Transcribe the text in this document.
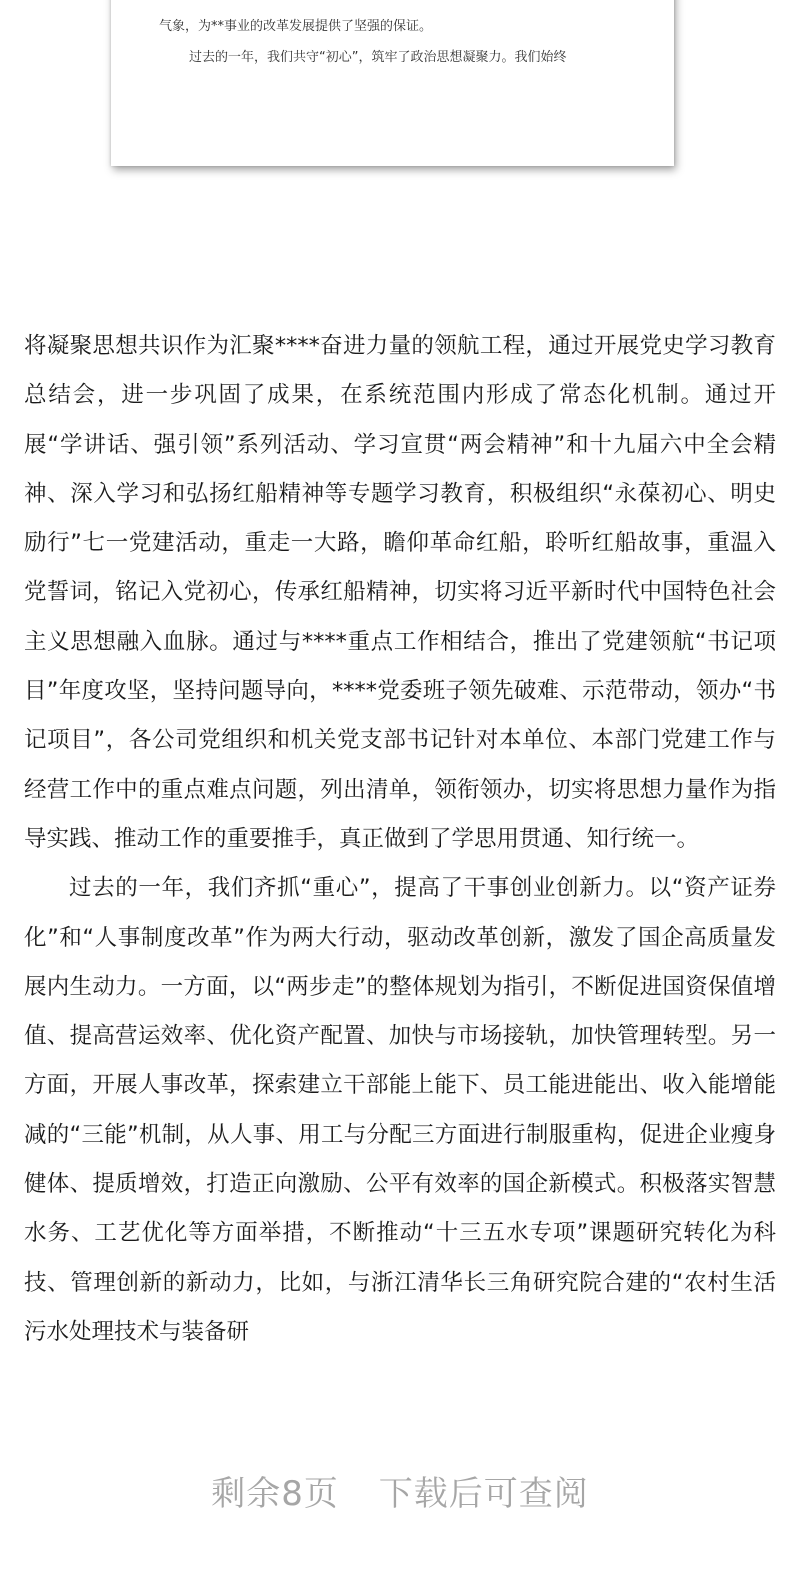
气象，为**事业的改革发展提供了坚强的保证。
过去的一年，我们共守“初心”，筑牢了政治思想凝聚力。我们始终

将凝聚思想共识作为汇聚****奋进力量的领航工程，通过开展党史学习教育总结会，进一步巩固了成果，在系统范围内形成了常态化机制。通过开展“学讲话、强引领”系列活动、学习宣贯“两会精神”和十九届六中全会精神、深入学习和弘扬红船精神等专题学习教育，积极组织“永葆初心、明史励行”七一党建活动，重走一大路，瞻仰革命红船，聆听红船故事，重温入党誓词，铭记入党初心，传承红船精神，切实将习近平新时代中国特色社会主义思想融入血脉。通过与****重点工作相结合，推出了党建领航“书记项目”年度攻坚，坚持问题导向，****党委班子领先破难、示范带动，领办“书记项目”，各公司党组织和机关党支部书记针对本单位、本部门党建工作与经营工作中的重点难点问题，列出清单，领衔领办，切实将思想力量作为指导实践、推动工作的重要推手，真正做到了学思用贯通、知行统一。

过去的一年，我们齐抓“重心”，提高了干事创业创新力。以“资产证券化”和“人事制度改革”作为两大行动，驱动改革创新，激发了国企高质量发展内生动力。一方面，以“两步走”的整体规划为指引，不断促进国资保值增值、提高营运效率、优化资产配置、加快与市场接轨，加快管理转型。另一方面，开展人事改革，探索建立干部能上能下、员工能进能出、收入能增能减的“三能”机制，从人事、用工与分配三方面进行制服重构，促进企业瘦身健体、提质增效，打造正向激励、公平有效率的国企新模式。积极落实智慧水务、工艺优化等方面举措，不断推动“十三五水专项”课题研究转化为科技、管理创新的新动力，比如，与浙江清华长三角研究院合建的“农村生活污水处理技术与装备研

剩余8页 下载后可查阅
